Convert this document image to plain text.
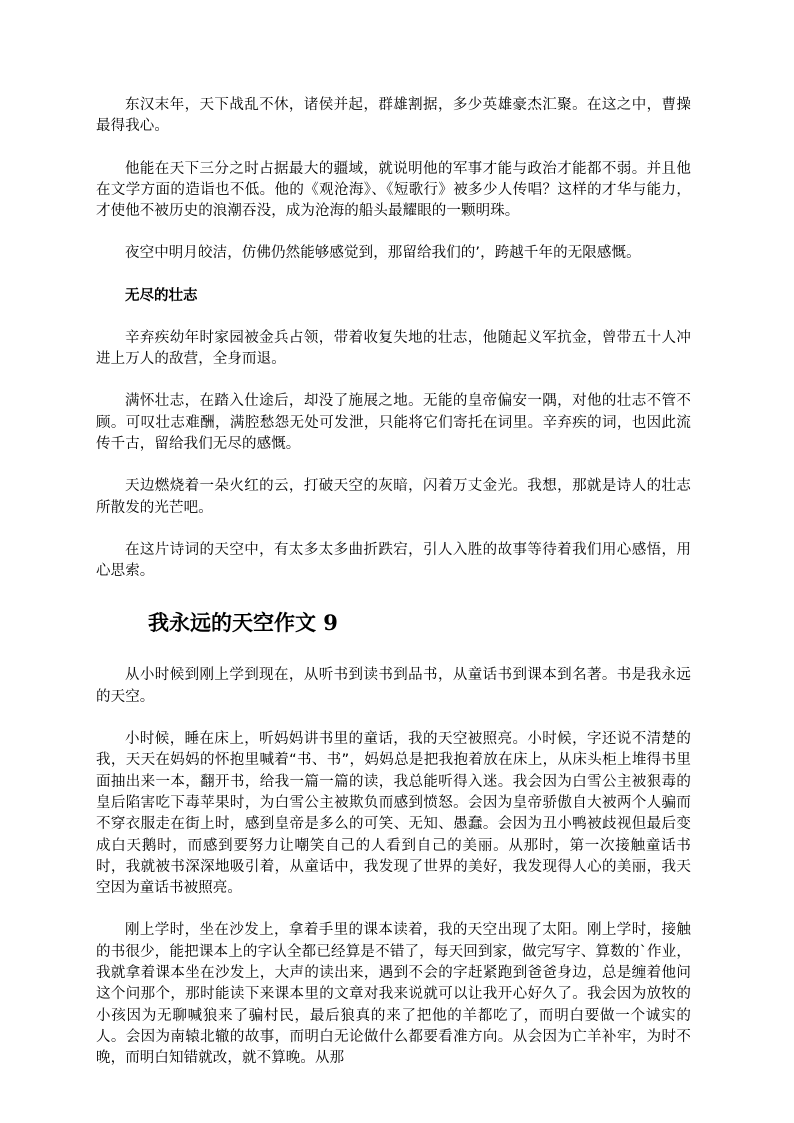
东汉末年，天下战乱不休，诸侯并起，群雄割据，多少英雄豪杰汇聚。在这之中，曹操最得我心。

他能在天下三分之时占据最大的疆域，就说明他的军事才能与政治才能都不弱。并且他在文学方面的造诣也不低。他的《观沧海》、《短歌行》被多少人传唱？这样的才华与能力，才使他不被历史的浪潮吞没，成为沧海的船头最耀眼的一颗明珠。

夜空中明月皎洁，仿佛仍然能够感觉到，那留给我们的’，跨越千年的无限感慨。

无尽的壮志

辛弃疾幼年时家园被金兵占领，带着收复失地的壮志，他随起义军抗金，曾带五十人冲进上万人的敌营，全身而退。

满怀壮志，在踏入仕途后，却没了施展之地。无能的皇帝偏安一隅，对他的壮志不管不顾。可叹壮志难酬，满腔愁怨无处可发泄，只能将它们寄托在词里。辛弃疾的词，也因此流传千古，留给我们无尽的感慨。

天边燃烧着一朵火红的云，打破天空的灰暗，闪着万丈金光。我想，那就是诗人的壮志所散发的光芒吧。

在这片诗词的天空中，有太多太多曲折跌宕，引人入胜的故事等待着我们用心感悟，用心思索。

我永远的天空作文 9

从小时候到刚上学到现在，从听书到读书到品书，从童话书到课本到名著。书是我永远的天空。

小时候，睡在床上，听妈妈讲书里的童话，我的天空被照亮。小时候，字还说不清楚的我，天天在妈妈的怀抱里喊着“书、书”，妈妈总是把我抱着放在床上，从床头柜上堆得书里面抽出来一本，翻开书，给我一篇一篇的读，我总能听得入迷。我会因为白雪公主被狠毒的皇后陷害吃下毒苹果时，为白雪公主被欺负而感到愤怒。会因为皇帝骄傲自大被两个人骗而不穿衣服走在街上时，感到皇帝是多么的可笑、无知、愚蠢。会因为丑小鸭被歧视但最后变成白天鹅时，而感到要努力让嘲笑自己的人看到自己的美丽。从那时，第一次接触童话书时，我就被书深深地吸引着，从童话中，我发现了世界的美好，我发现得人心的美丽，我天空因为童话书被照亮。

刚上学时，坐在沙发上，拿着手里的课本读着，我的天空出现了太阳。刚上学时，接触的书很少，能把课本上的字认全都已经算是不错了，每天回到家，做完写字、算数的`作业，我就拿着课本坐在沙发上，大声的读出来，遇到不会的字赶紧跑到爸爸身边，总是缠着他问这个问那个，那时能读下来课本里的文章对我来说就可以让我开心好久了。我会因为放牧的小孩因为无聊喊狼来了骗村民，最后狼真的来了把他的羊都吃了，而明白要做一个诚实的人。会因为南辕北辙的故事，而明白无论做什么都要看准方向。从会因为亡羊补牢，为时不晚，而明白知错就改，就不算晚。从那
